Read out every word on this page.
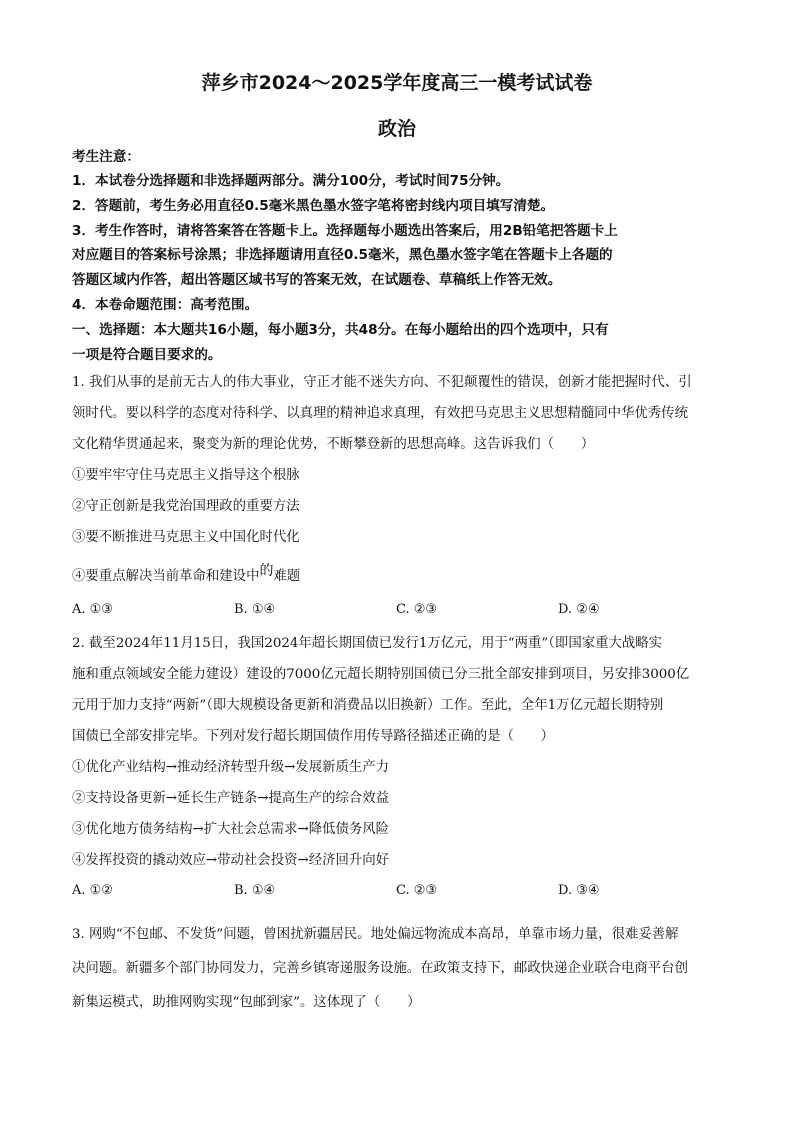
萍乡市2024～2025学年度高三一模考试试卷
政治
考生注意：
1．本试卷分选择题和非选择题两部分。满分100分，考试时间75分钟。
2．答题前，考生务必用直径0.5毫米黑色墨水签字笔将密封线内项目填写清楚。
3．考生作答时，请将答案答在答题卡上。选择题每小题选出答案后，用2B铅笔把答题卡上
对应题目的答案标号涂黑；非选择题请用直径0.5毫米，黑色墨水签字笔在答题卡上各题的
答题区域内作答，超出答题区域书写的答案无效，在试题卷、草稿纸上作答无效。
4．本卷命题范围：高考范围。
一、选择题：本大题共16小题，每小题3分，共48分。在每小题给出的四个选项中，只有
一项是符合题目要求的。
1. 我们从事的是前无古人的伟大事业，守正才能不迷失方向、不犯颠覆性的错误，创新才能把握时代、引
领时代。要以科学的态度对待科学、以真理的精神追求真理，有效把马克思主义思想精髓同中华优秀传统
文化精华贯通起来，聚变为新的理论优势，不断攀登新的思想高峰。这告诉我们（　　）
①要牢牢守住马克思主义指导这个根脉
②守正创新是我党治国理政的重要方法
③要不断推进马克思主义中国化时代化
④要重点解决当前革命和建设中的难题
A. ①③	B. ①④	C. ②③	D. ②④
2. 截至2024年11月15日，我国2024年超长期国债已发行1万亿元，用于“两重”（即国家重大战略实
施和重点领域安全能力建设）建设的7000亿元超长期特别国债已分三批全部安排到项目，另安排3000亿
元用于加力支持“两新”（即大规模设备更新和消费品以旧换新）工作。至此，全年1万亿元超长期特别
国债已全部安排完毕。下列对发行超长期国债作用传导路径描述正确的是（　　）
①优化产业结构→推动经济转型升级→发展新质生产力
②支持设备更新→延长生产链条→提高生产的综合效益
③优化地方债务结构→扩大社会总需求→降低债务风险
④发挥投资的撬动效应→带动社会投资→经济回升向好
A. ①②	B. ①④	C. ②③	D. ③④
3. 网购“不包邮、不发货”问题，曾困扰新疆居民。地处偏远物流成本高昂，单靠市场力量，很难妥善解
决问题。新疆多个部门协同发力，完善乡镇寄递服务设施。在政策支持下，邮政快递企业联合电商平台创
新集运模式，助推网购实现“包邮到家”。这体现了（　　）
